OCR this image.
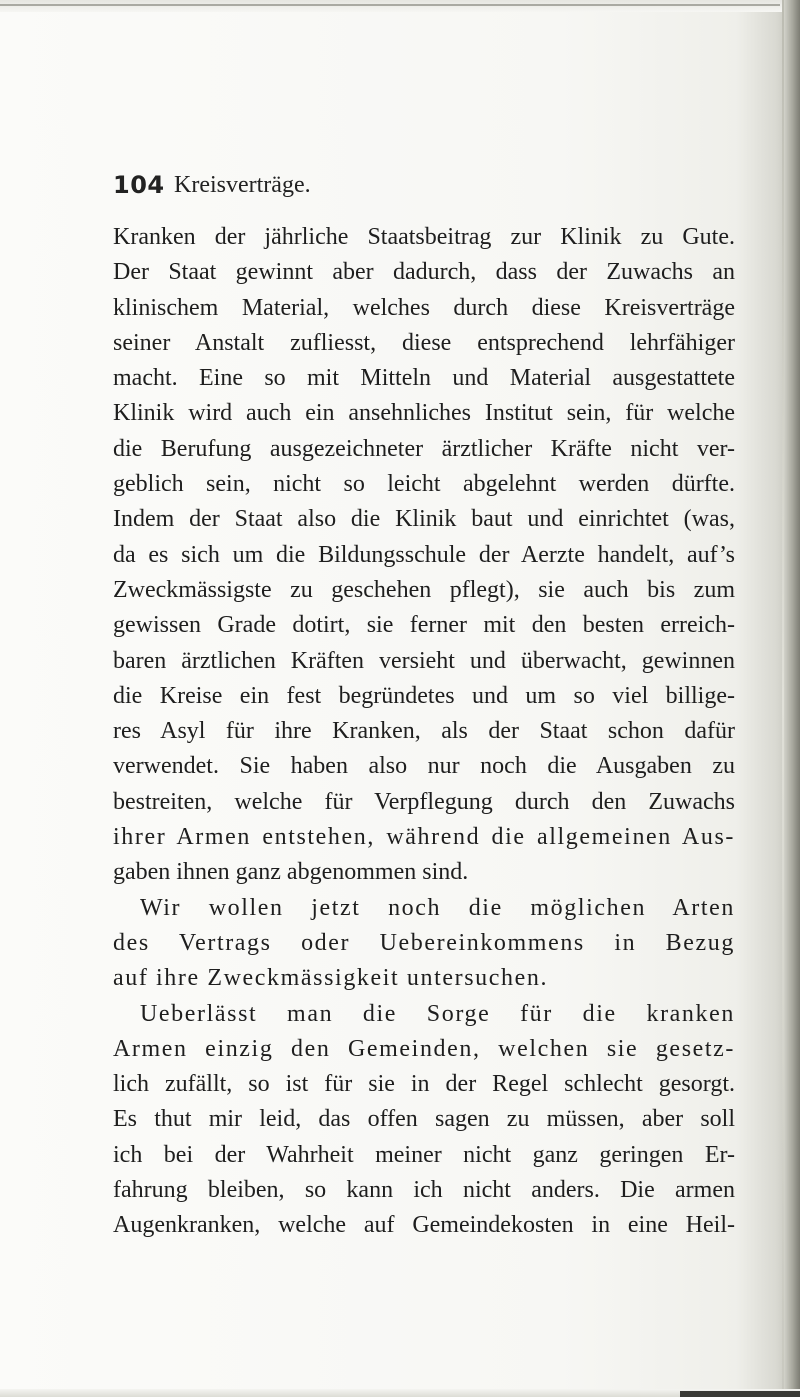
104 Kreisverträge.
Kranken der jährliche Staatsbeitrag zur Klinik zu Gute.
Der Staat gewinnt aber dadurch, dass der Zuwachs an
klinischem Material, welches durch diese Kreisverträge
seiner Anstalt zufliesst, diese entsprechend lehrfähiger
macht. Eine so mit Mitteln und Material ausgestattete
Klinik wird auch ein ansehnliches Institut sein, für welche
die Berufung ausgezeichneter ärztlicher Kräfte nicht ver-
geblich sein, nicht so leicht abgelehnt werden dürfte.
Indem der Staat also die Klinik baut und einrichtet (was,
da es sich um die Bildungsschule der Aerzte handelt, auf’s
Zweckmässigste zu geschehen pflegt), sie auch bis zum
gewissen Grade dotirt, sie ferner mit den besten erreich-
baren ärztlichen Kräften versieht und überwacht, gewinnen
die Kreise ein fest begründetes und um so viel billige-
res Asyl für ihre Kranken, als der Staat schon dafür
verwendet. Sie haben also nur noch die Ausgaben zu
bestreiten, welche für Verpflegung durch den Zuwachs
ihrer Armen entstehen, während die allgemeinen Aus-
gaben ihnen ganz abgenommen sind.
Wir wollen jetzt noch die möglichen Arten
des Vertrags oder Uebereinkommens in Bezug
auf ihre Zweckmässigkeit untersuchen.
Ueberlässt man die Sorge für die kranken
Armen einzig den Gemeinden, welchen sie gesetz-
lich zufällt, so ist für sie in der Regel schlecht gesorgt.
Es thut mir leid, das offen sagen zu müssen, aber soll
ich bei der Wahrheit meiner nicht ganz geringen Er-
fahrung bleiben, so kann ich nicht anders. Die armen
Augenkranken, welche auf Gemeindekosten in eine Heil-
